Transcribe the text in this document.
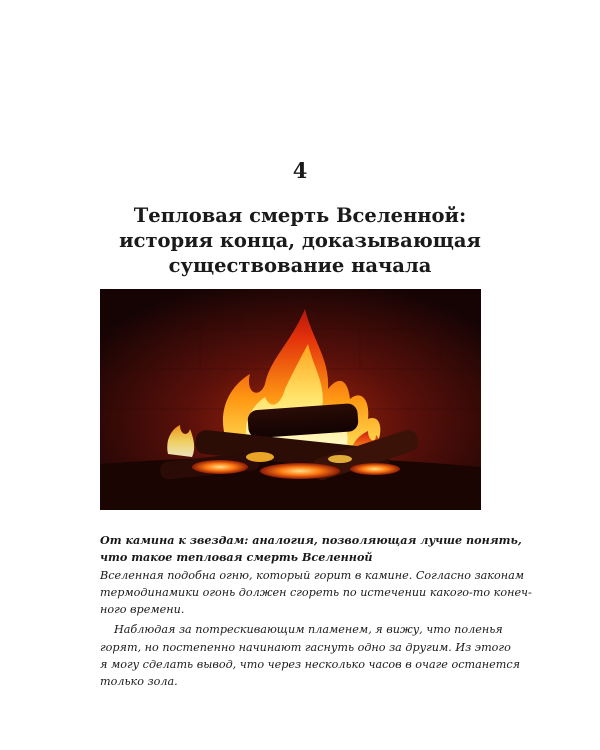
4
Тепловая смерть Вселенной:
история конца, доказывающая
существование начала

От камина к звездам: аналогия, позволяющая лучше понять,
что такое тепловая смерть Вселенной

Вселенная подобна огню, который горит в камине. Согласно законам
термодинамики огонь должен сгореть по истечении какого-то конеч-
ного времени.

Наблюдая за потрескивающим пламенем, я вижу, что поленья
горят, но постепенно начинают гаснуть одно за другим. Из этого
я могу сделать вывод, что через несколько часов в очаге останется
только зола.
